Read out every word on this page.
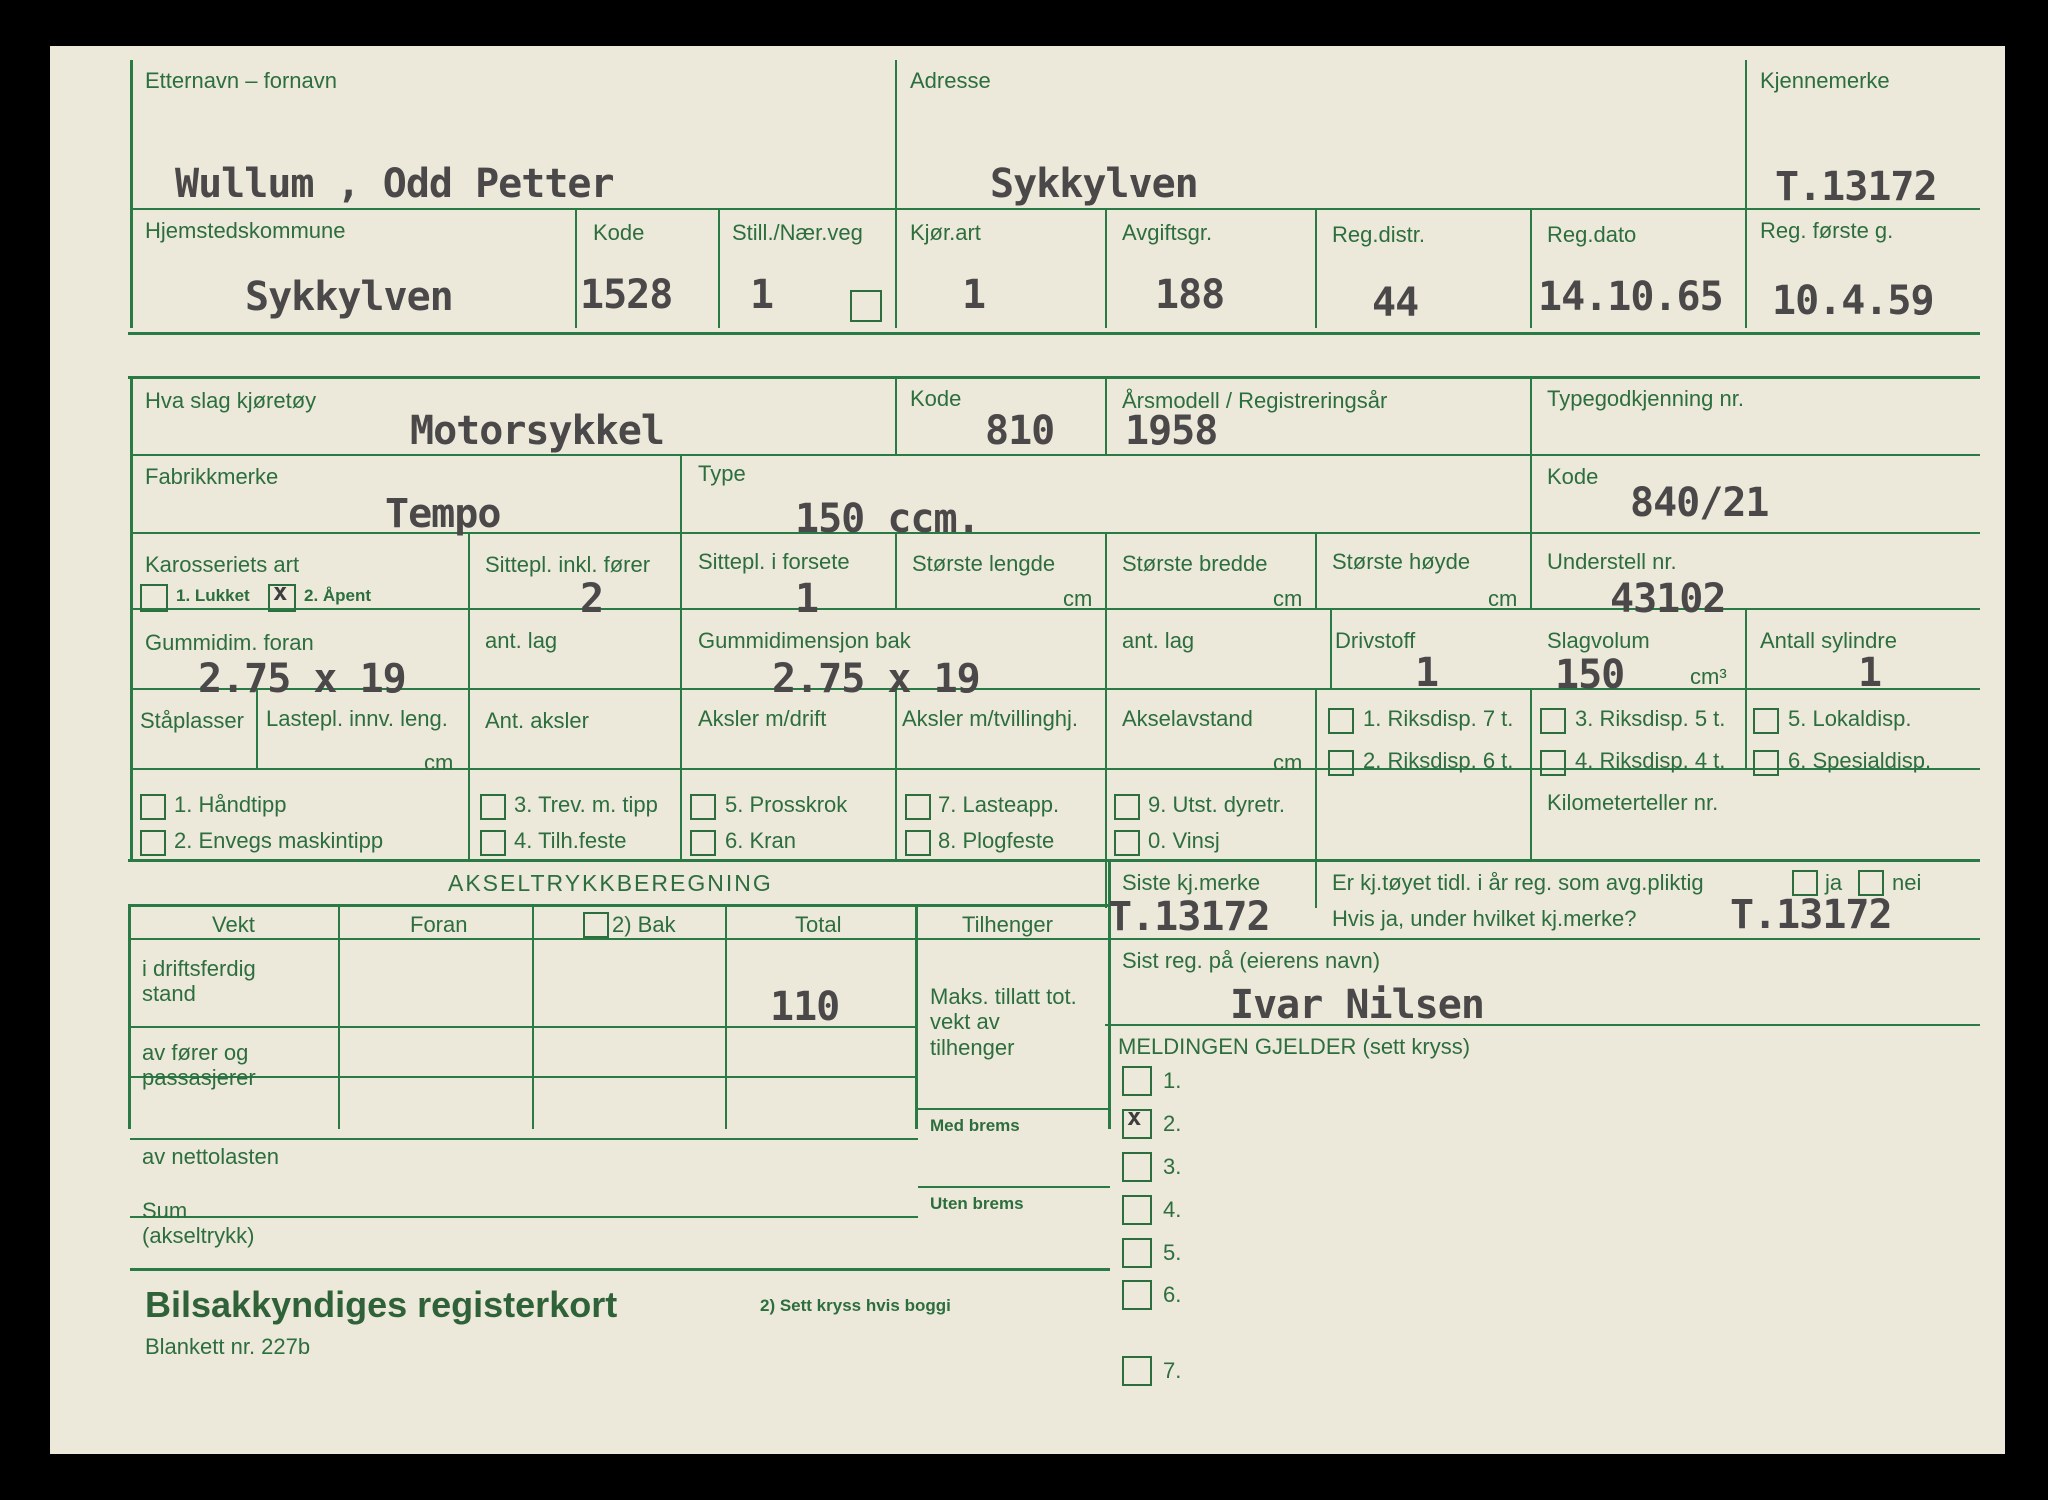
Etternavn – fornavn
Wullum , Odd Petter
Adresse
Sykkylven
Kjennemerke
T.13172
Hjemstedskommune
Sykkylven
Kode
1528
Still./Nær.veg
1
Kjør.art
1
Avgiftsgr.
188
Reg.distr.
44
Reg.dato
14.10.65
Reg. første g.
10.4.59
Hva slag kjøretøy
Motorsykkel
Kode
810
Årsmodell / Registreringsår
1958
Typegodkjenning nr.
Fabrikkmerke
Tempo
Type
150 ccm.
Kode
840/21
Karosseriets art
1. Lukket
x	2. Åpent
Sittepl. inkl. fører
2
Sittepl. i forsete
1
Største lengde
cm
Største bredde
cm
Største høyde
cm
Understell nr.
43102
Gummidim. foran
2.75 x 19
ant. lag	Gummidimensjon bak
2.75 x 19
ant. lag	Drivstoff
1
Slagvolum
150	cm³
Antall sylindre
1
Ståplasser Lastepl. innv. leng.
cm
Ant. aksler	Aksler m/drift	Aksler m/tvillinghj. Akselavstand
cm
1. Riksdisp. 7 t.
2. Riksdisp. 6 t.
3. Riksdisp. 5 t.
4. Riksdisp. 4 t.
5. Lokaldisp.
6. Spesialdisp.
1. Håndtipp
2. Envegs maskintipp
3. Trev. m. tipp
4. Tilh.feste
5. Prosskrok
6. Kran
7. Lasteapp.
8. Plogfeste
9. Utst. dyretr.
0. Vinsj
Kilometerteller nr.
AKSELTRYKKBEREGNING
Vekt	Foran	2) Bak	Total	Tilhenger
i driftsferdig stand	110
av fører og passasjerer
av nettolasten
Sum (akseltrykk)
Maks. tillatt tot. vekt av tilhenger
Med brems
Uten brems
Siste kj.merke
T.13172
Er kj.tøyet tidl. i år reg. som avg.pliktig	ja nei
Hvis ja, under hvilket kj.merke? T.13172
Sist reg. på (eierens navn)
Ivar Nilsen
MELDINGEN GJELDER (sett kryss)
1.
x
2.
3.
4.
5.
6.
7.
Bilsakkyndiges registerkort
Blankett nr. 227b
2) Sett kryss hvis boggi
